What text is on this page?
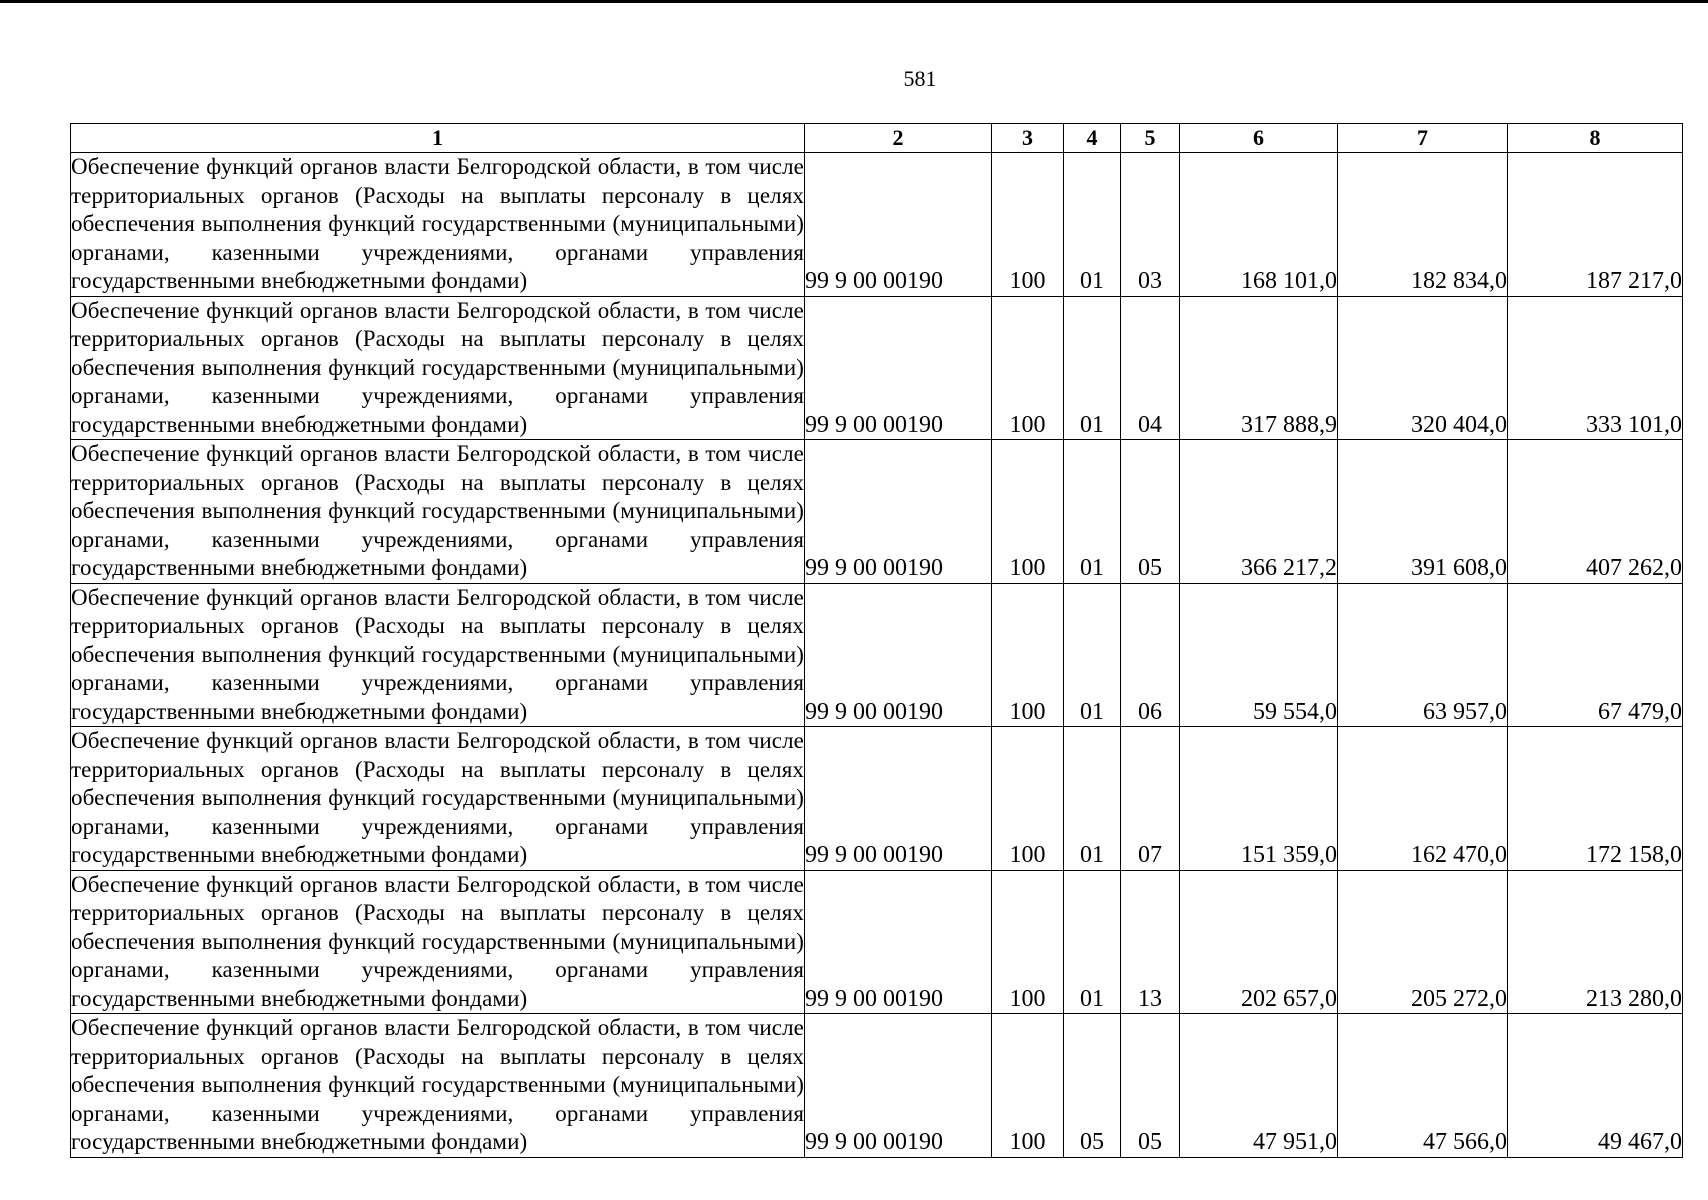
581
1	2	3	4	5	6	7	8
Обеспечение функций органов власти Белгородской области, в том числе территориальных органов (Расходы на выплаты персоналу в целях обеспечения выполнения функций государственными (муниципальными) органами, казенными учреждениями, органами управления государственными внебюджетными фондами)	99 9 00 00190	100	01	03	168 101,0	182 834,0	187 217,0
Обеспечение функций органов власти Белгородской области, в том числе территориальных органов (Расходы на выплаты персоналу в целях обеспечения выполнения функций государственными (муниципальными) органами, казенными учреждениями, органами управления государственными внебюджетными фондами)	99 9 00 00190	100	01	04	317 888,9	320 404,0	333 101,0
Обеспечение функций органов власти Белгородской области, в том числе территориальных органов (Расходы на выплаты персоналу в целях обеспечения выполнения функций государственными (муниципальными) органами, казенными учреждениями, органами управления государственными внебюджетными фондами)	99 9 00 00190	100	01	05	366 217,2	391 608,0	407 262,0
Обеспечение функций органов власти Белгородской области, в том числе территориальных органов (Расходы на выплаты персоналу в целях обеспечения выполнения функций государственными (муниципальными) органами, казенными учреждениями, органами управления государственными внебюджетными фондами)	99 9 00 00190	100	01	06	59 554,0	63 957,0	67 479,0
Обеспечение функций органов власти Белгородской области, в том числе территориальных органов (Расходы на выплаты персоналу в целях обеспечения выполнения функций государственными (муниципальными) органами, казенными учреждениями, органами управления государственными внебюджетными фондами)	99 9 00 00190	100	01	07	151 359,0	162 470,0	172 158,0
Обеспечение функций органов власти Белгородской области, в том числе территориальных органов (Расходы на выплаты персоналу в целях обеспечения выполнения функций государственными (муниципальными) органами, казенными учреждениями, органами управления государственными внебюджетными фондами)	99 9 00 00190	100	01	13	202 657,0	205 272,0	213 280,0
Обеспечение функций органов власти Белгородской области, в том числе территориальных органов (Расходы на выплаты персоналу в целях обеспечения выполнения функций государственными (муниципальными) органами, казенными учреждениями, органами управления государственными внебюджетными фондами)	99 9 00 00190	100	05	05	47 951,0	47 566,0	49 467,0
